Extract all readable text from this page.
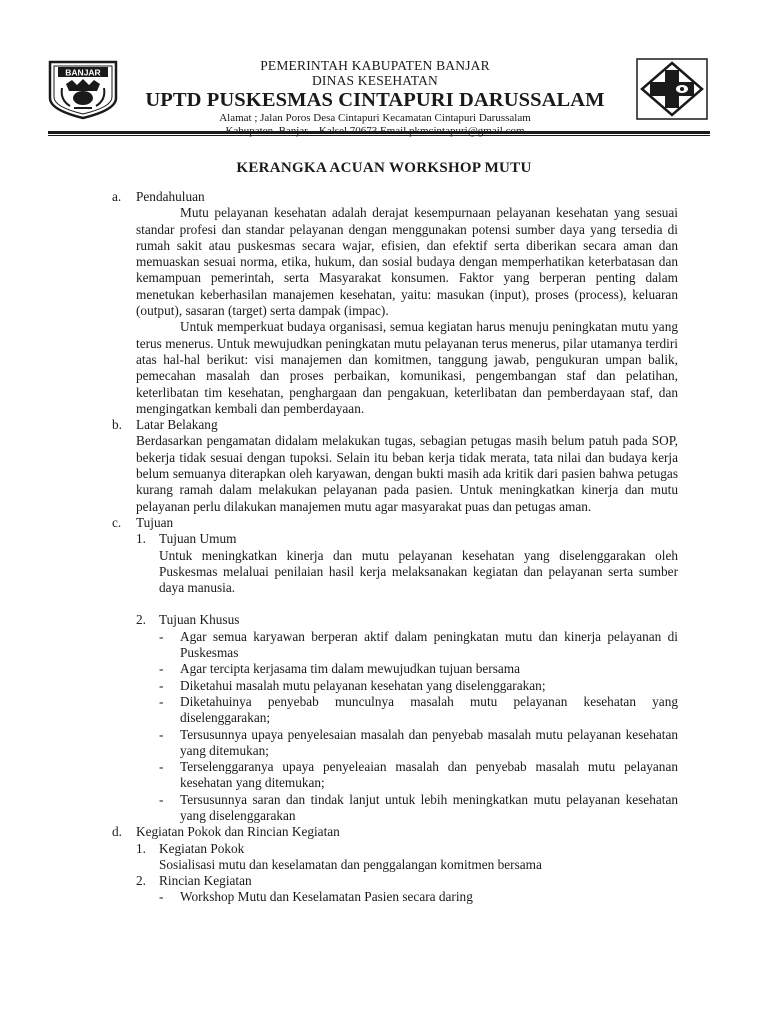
BANJAR	PEMERINTAH KABUPATEN BANJAR
DINAS KESEHATAN
UPTD PUSKESMAS CINTAPURI DARUSSALAM
Alamat ; Jalan Poros Desa Cintapuri Kecamatan Cintapuri Darussalam
KERANGKA ACUAN WORKSHOP MUTU
a. Pendahuluan

Mutu pelayanan kesehatan adalah derajat kesempurnaan pelayanan kesehatan yang sesuai standar profesi dan standar pelayanan dengan menggunakan potensi sumber daya yang tersedia di rumah sakit atau puskesmas secara wajar, efisien, dan efektif serta diberikan secara aman dan memuaskan sesuai norma, etika, hukum, dan sosial budaya dengan memperhatikan keterbatasan dan kemampuan pemerintah, serta Masyarakat konsumen. Faktor yang berperan penting dalam menetukan keberhasilan manajemen kesehatan, yaitu: masukan (input), proses (process), keluaran (output), sasaran (target) serta dampak (impac).

Untuk memperkuat budaya organisasi, semua kegiatan harus menuju peningkatan mutu yang terus menerus. Untuk mewujudkan peningkatan mutu pelayanan terus menerus, pilar utamanya terdiri atas hal-hal berikut: visi manajemen dan komitmen, tanggung jawab, pengukuran umpan balik, pemecahan masalah dan proses perbaikan, komunikasi, pengembangan staf dan pelatihan, keterlibatan tim kesehatan, penghargaan dan pengakuan, keterlibatan dan pemberdayaan staf, dan mengingatkan kembali dan pemberdayaan.

b. Latar Belakang

Berdasarkan pengamatan didalam melakukan tugas, sebagian petugas masih belum patuh pada SOP, bekerja tidak sesuai dengan tupoksi. Selain itu beban kerja tidak merata, tata nilai dan budaya kerja belum semuanya diterapkan oleh karyawan, dengan bukti masih ada kritik dari pasien bahwa petugas kurang ramah dalam melakukan pelayanan pada pasien. Untuk meningkatkan kinerja dan mutu pelayanan perlu dilakukan manajemen mutu agar masyarakat puas dan petugas aman.

c. Tujuan
1. Tujuan Umum

Untuk meningkatkan kinerja dan mutu pelayanan kesehatan yang diselenggarakan oleh Puskesmas melaluai penilaian hasil kerja melaksanakan kegiatan dan pelayanan serta sumber daya manusia.

2. Tujuan Khusus
- Agar semua karyawan berperan aktif dalam peningkatan mutu dan kinerja pelayanan di Puskesmas
- Agar tercipta kerjasama tim dalam mewujudkan tujuan bersama
- Diketahui masalah mutu pelayanan kesehatan yang diselenggarakan;
- Diketahuinya penyebab munculnya masalah mutu pelayanan kesehatan yang diselenggarakan;
- Tersusunnya upaya penyelesaian masalah dan penyebab masalah mutu pelayanan kesehatan yang ditemukan;
- Terselenggaranya upaya penyeleaian masalah dan penyebab masalah mutu pelayanan kesehatan yang ditemukan;
- Tersusunnya saran dan tindak lanjut untuk lebih meningkatkan mutu pelayanan kesehatan yang diselenggarakan
d. Kegiatan Pokok dan Rincian Kegiatan
1. Kegiatan Pokok

Sosialisasi mutu dan keselamatan dan penggalangan komitmen bersama

2. Rincian Kegiatan
- Workshop Mutu dan Keselamatan Pasien secara daring
